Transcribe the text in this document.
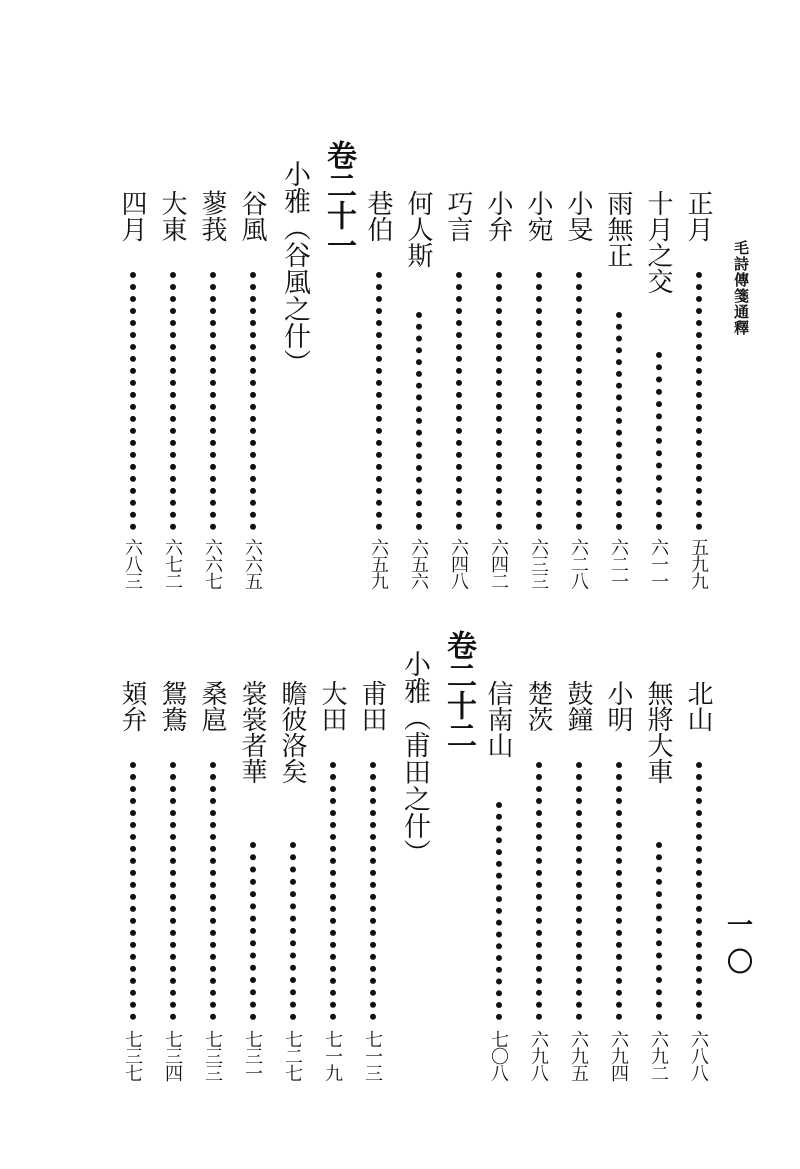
毛詩傳箋通釋
一〇
正月
五九九
十月之交
六一一
雨無正
六二一
小旻
六二八
小宛
六三三
小弁
六四二
巧言
六四八
何人斯
六五六
巷伯
六五九
卷二十一
小雅（谷風之什）
谷風
六六五
蓼莪
六六七
大東
六七二
四月
六八三
北山
六八八
無將大車
六九二
小明
六九四
鼓鐘
六九五
楚茨
六九八
信南山
七〇八
卷二十二
小雅（甫田之什）
甫田
七一三
大田
七一九
瞻彼洛矣
七二七
裳裳者華
七三一
桑扈
七三三
鴛鴦
七三四
頍弁
七三七
